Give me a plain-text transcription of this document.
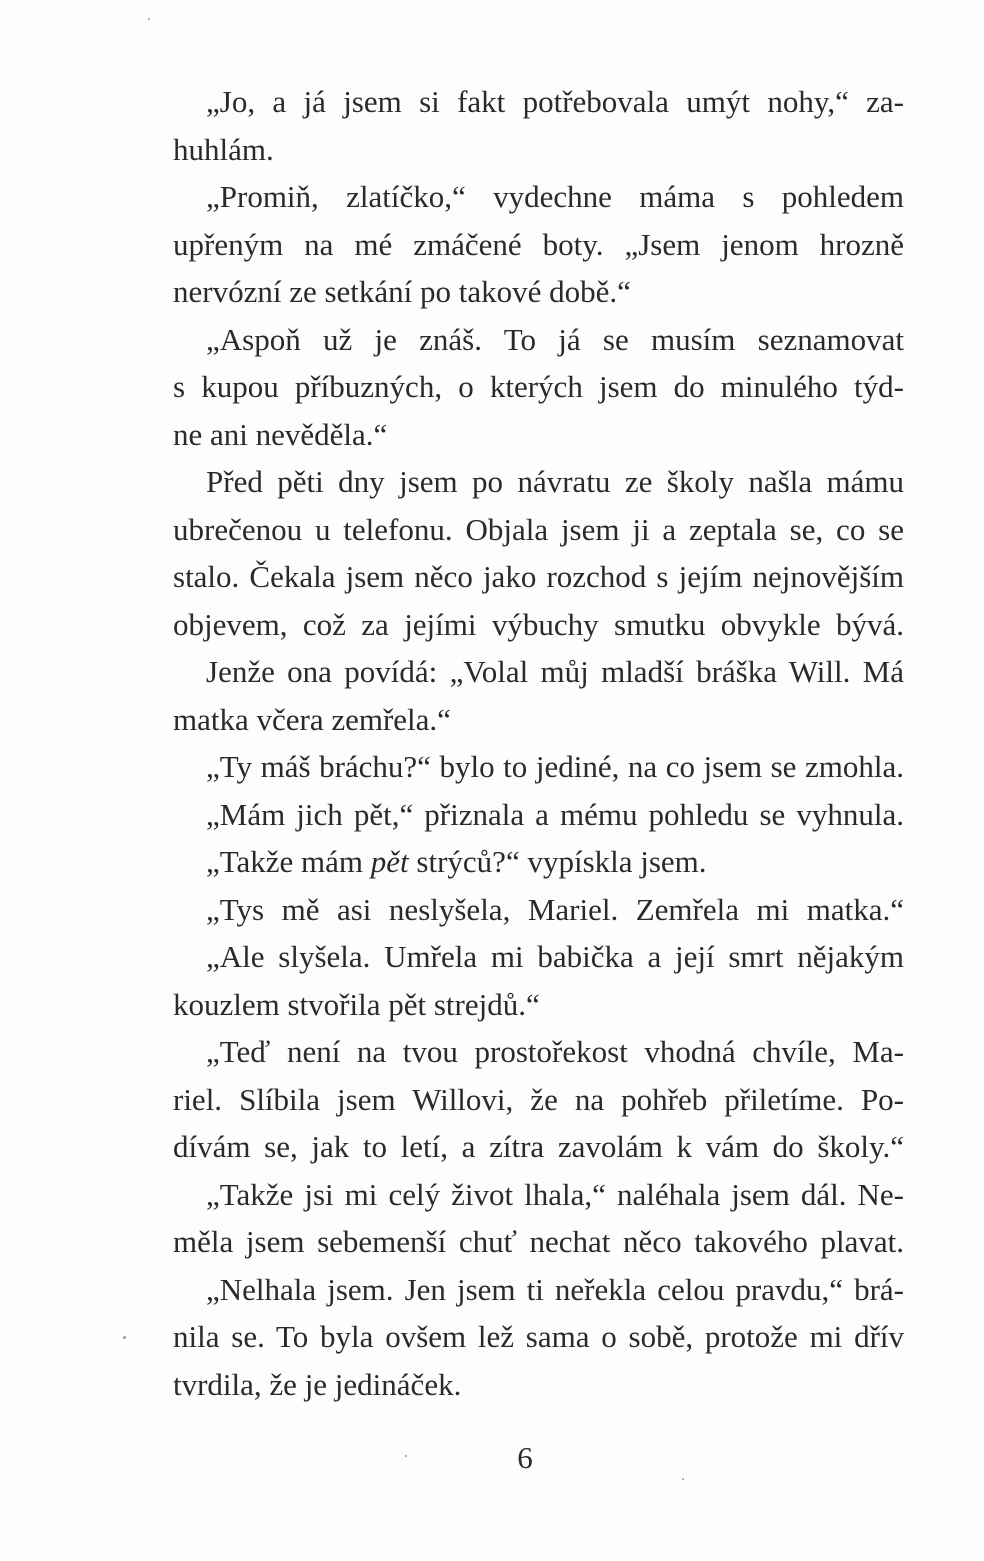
„Jo, a já jsem si fakt potřebovala umýt nohy,“ za-
huhlám.
„Promiň, zlatíčko,“ vydechne máma s pohledem
upřeným na mé zmáčené boty. „Jsem jenom hrozně
nervózní ze setkání po takové době.“
„Aspoň už je znáš. To já se musím seznamovat
s kupou příbuzných, o kterých jsem do minulého týd-
ne ani nevěděla.“
Před pěti dny jsem po návratu ze školy našla mámu
ubrečenou u telefonu. Objala jsem ji a zeptala se, co se
stalo. Čekala jsem něco jako rozchod s jejím nejnovějším
objevem, což za jejími výbuchy smutku obvykle bývá.
Jenže ona povídá: „Volal můj mladší bráška Will. Má
matka včera zemřela.“
„Ty máš bráchu?“ bylo to jediné, na co jsem se zmohla.
„Mám jich pět,“ přiznala a mému pohledu se vyhnula.
„Takže mám pět strýců?“ vypískla jsem.
„Tys mě asi neslyšela, Mariel. Zemřela mi matka.“
„Ale slyšela. Umřela mi babička a její smrt nějakým
kouzlem stvořila pět strejdů.“
„Teď není na tvou prostořekost vhodná chvíle, Ma-
riel. Slíbila jsem Willovi, že na pohřeb přiletíme. Po-
dívám se, jak to letí, a zítra zavolám k vám do školy.“
„Takže jsi mi celý život lhala,“ naléhala jsem dál. Ne-
měla jsem sebemenší chuť nechat něco takového plavat.
„Nelhala jsem. Jen jsem ti neřekla celou pravdu,“ brá-
nila se. To byla ovšem lež sama o sobě, protože mi dřív
tvrdila, že je jedináček.
6
